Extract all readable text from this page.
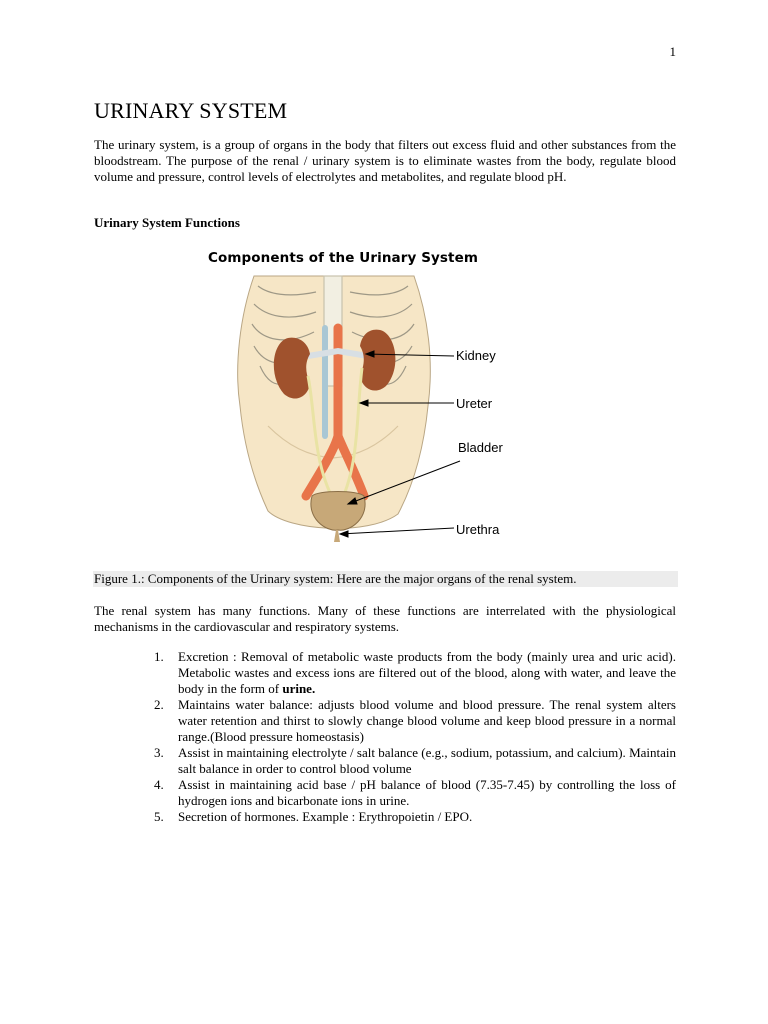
1
URINARY SYSTEM

The urinary system, is a group of organs in the body that filters out excess fluid and other substances from the bloodstream. The purpose of the renal / urinary system is to eliminate wastes from the body, regulate blood volume and pressure, control levels of electrolytes and metabolites, and regulate blood pH.

Urinary System Functions
Components of the Urinary System
Kidney
Ureter
Bladder
Urethra
Figure 1.: Components of the Urinary system: Here are the major organs of the renal system.

The renal system has many functions. Many of these functions are interrelated with the physiological mechanisms in the cardiovascular and respiratory systems.

1. Excretion : Removal of metabolic waste products from the body (mainly urea and uric acid). Metabolic wastes and excess ions are filtered out of the blood, along with water, and leave the body in the form of urine.
2. Maintains water balance: adjusts blood volume and blood pressure. The renal system alters water retention and thirst to slowly change blood volume and keep blood pressure in a normal range.(Blood pressure homeostasis)
3. Assist in maintaining electrolyte / salt balance (e.g., sodium, potassium, and calcium). Maintain salt balance in order to control blood volume
4. Assist in maintaining acid base / pH balance of blood (7.35-7.45) by controlling the loss of hydrogen ions and bicarbonate ions in urine.
5. Secretion of hormones. Example : Erythropoietin / EPO.
